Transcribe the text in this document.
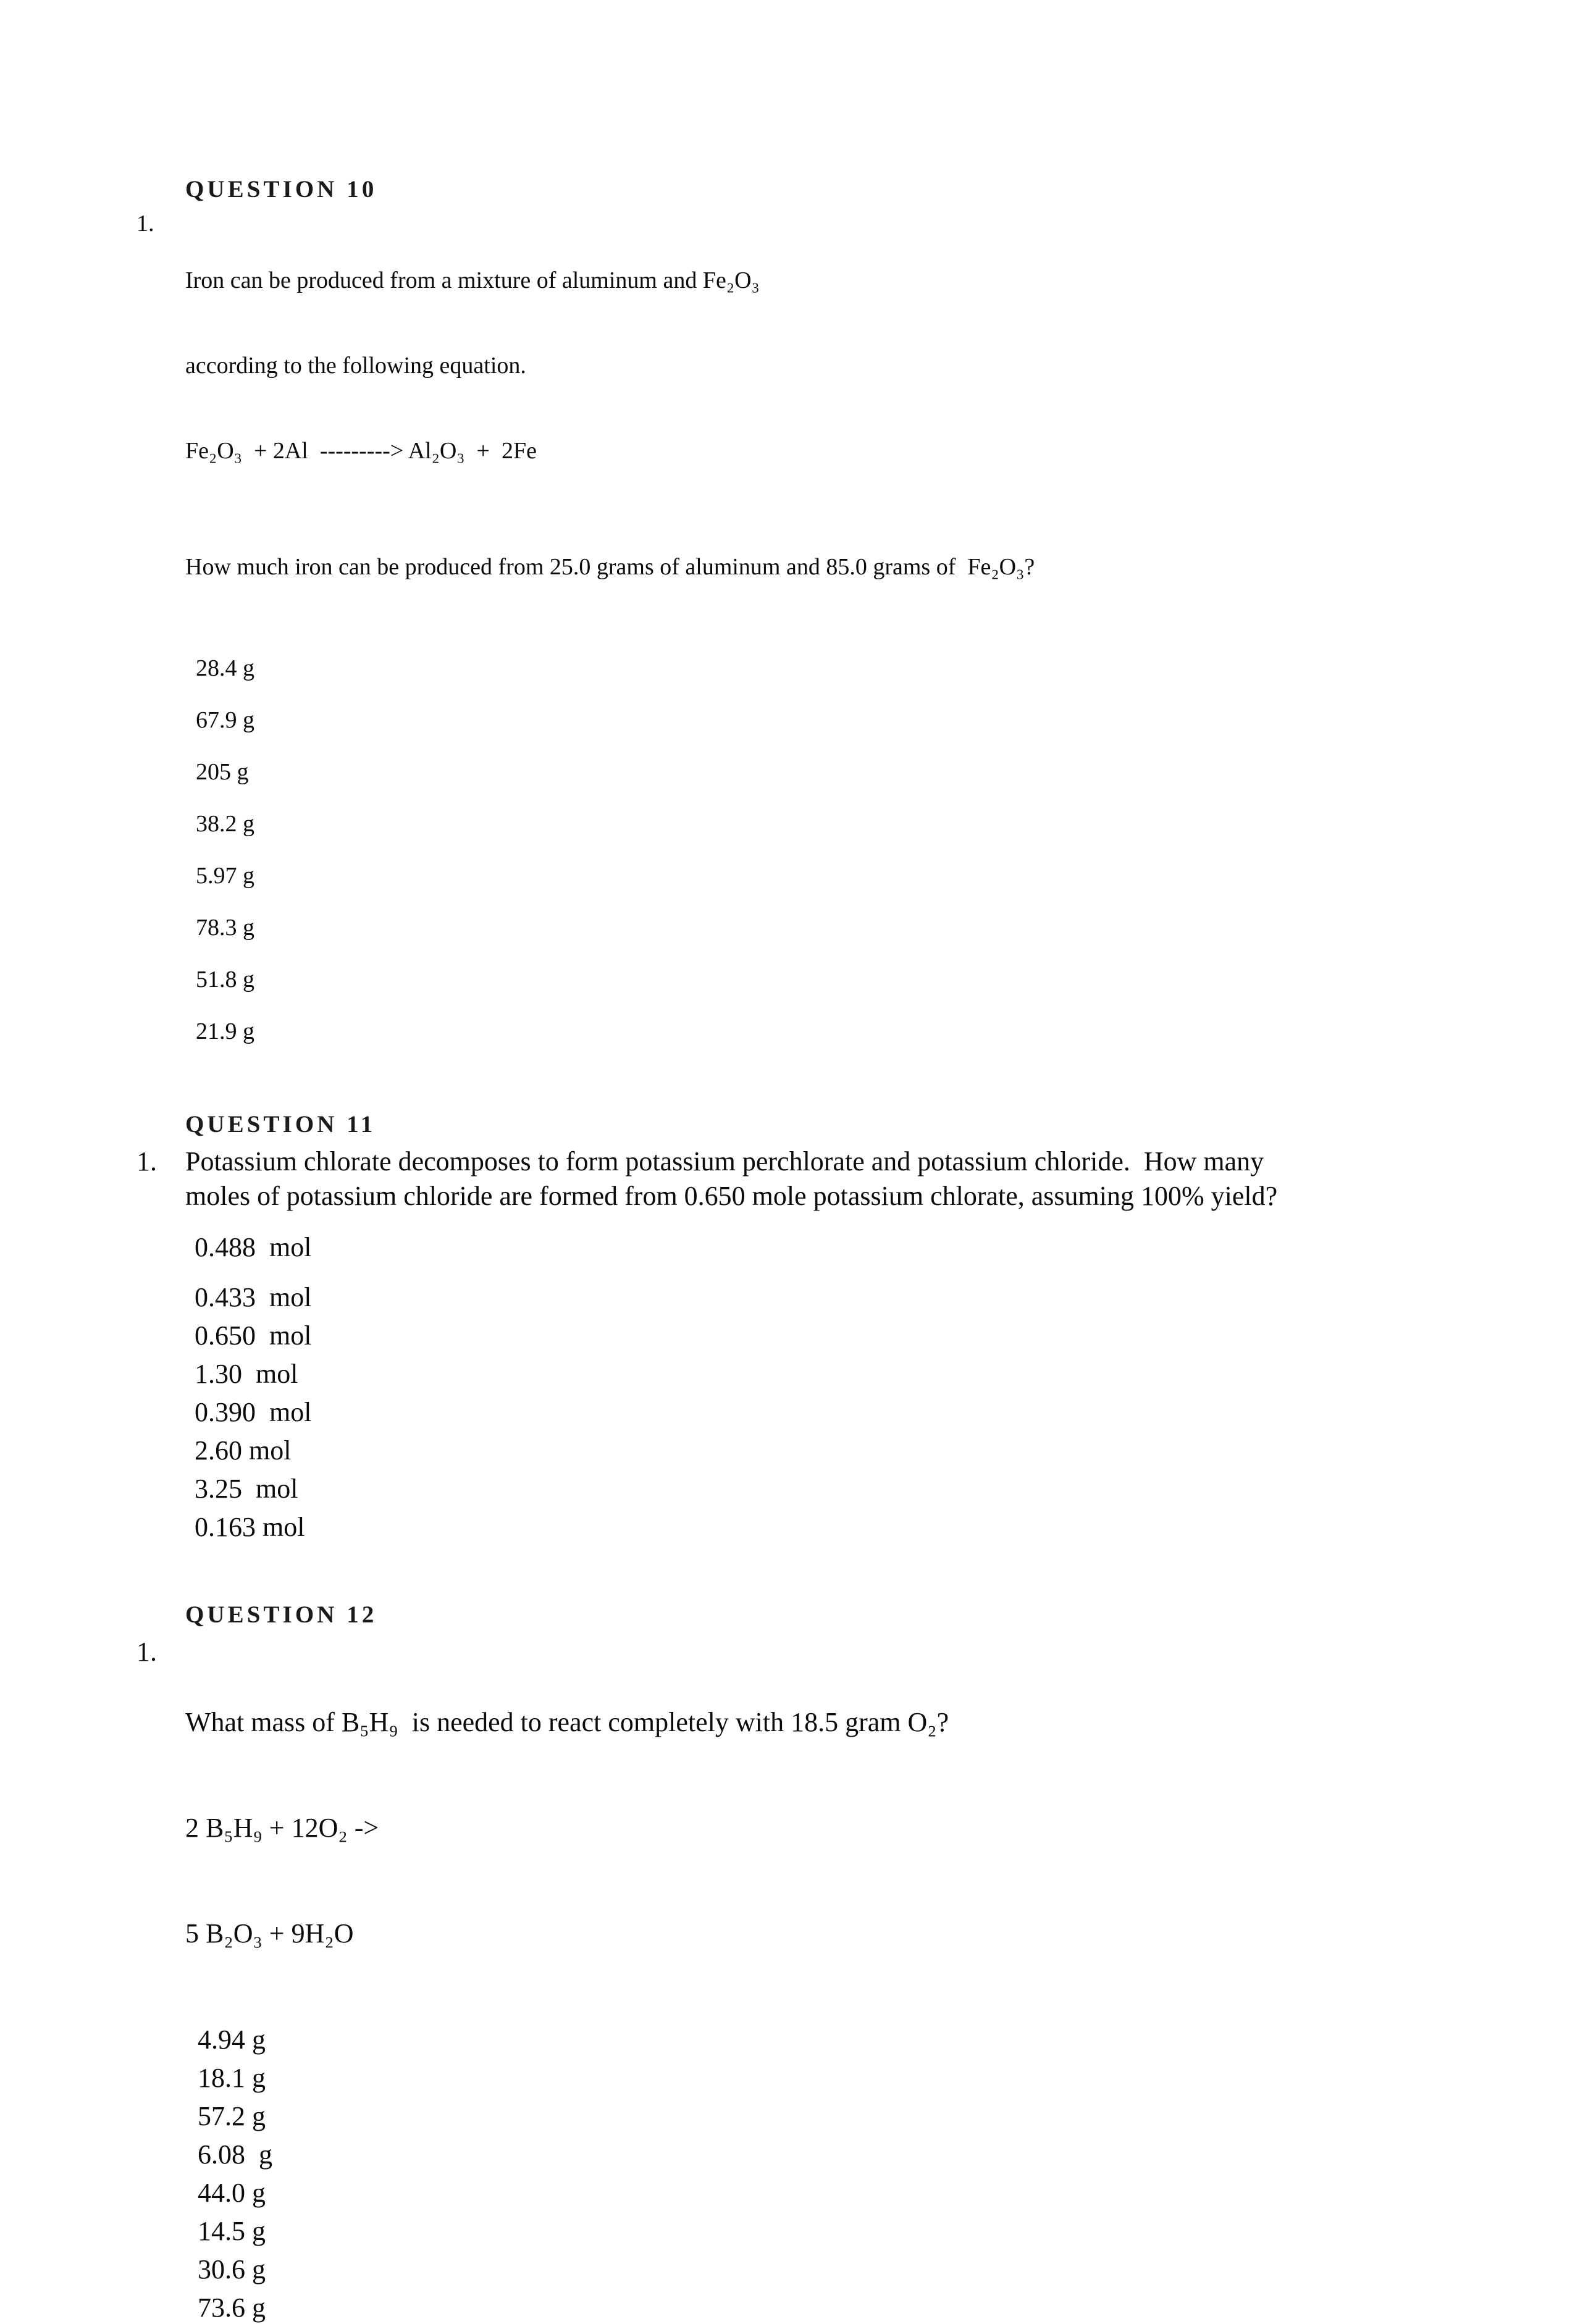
QUESTION 10
1.

Iron can be produced from a mixture of aluminum and Fe₂O₃

according to the following equation.

Fe₂O₃  + 2Al  ---------> Al₂O₃  +  2Fe

How much iron can be produced from 25.0 grams of aluminum and 85.0 grams of  Fe₂O₃?

28.4 g
67.9 g
205 g
38.2 g
5.97 g
78.3 g
51.8 g
21.9 g
QUESTION 11
1. Potassium chlorate decomposes to form potassium perchlorate and potassium chloride.  How many moles of potassium chloride are formed from 0.650 mole potassium chlorate, assuming 100% yield?
0.488  mol
0.433  mol
0.650  mol
1.30  mol
0.390  mol
2.60 mol
3.25  mol
0.163 mol
QUESTION 12
1.

What mass of B₅H₉  is needed to react completely with 18.5 gram O₂?

2 B₅H₉ + 12O₂ ->

5 B₂O₃ + 9H₂O

4.94 g
18.1 g
57.2 g
6.08  g
44.0 g
14.5 g
30.6 g
73.6 g
